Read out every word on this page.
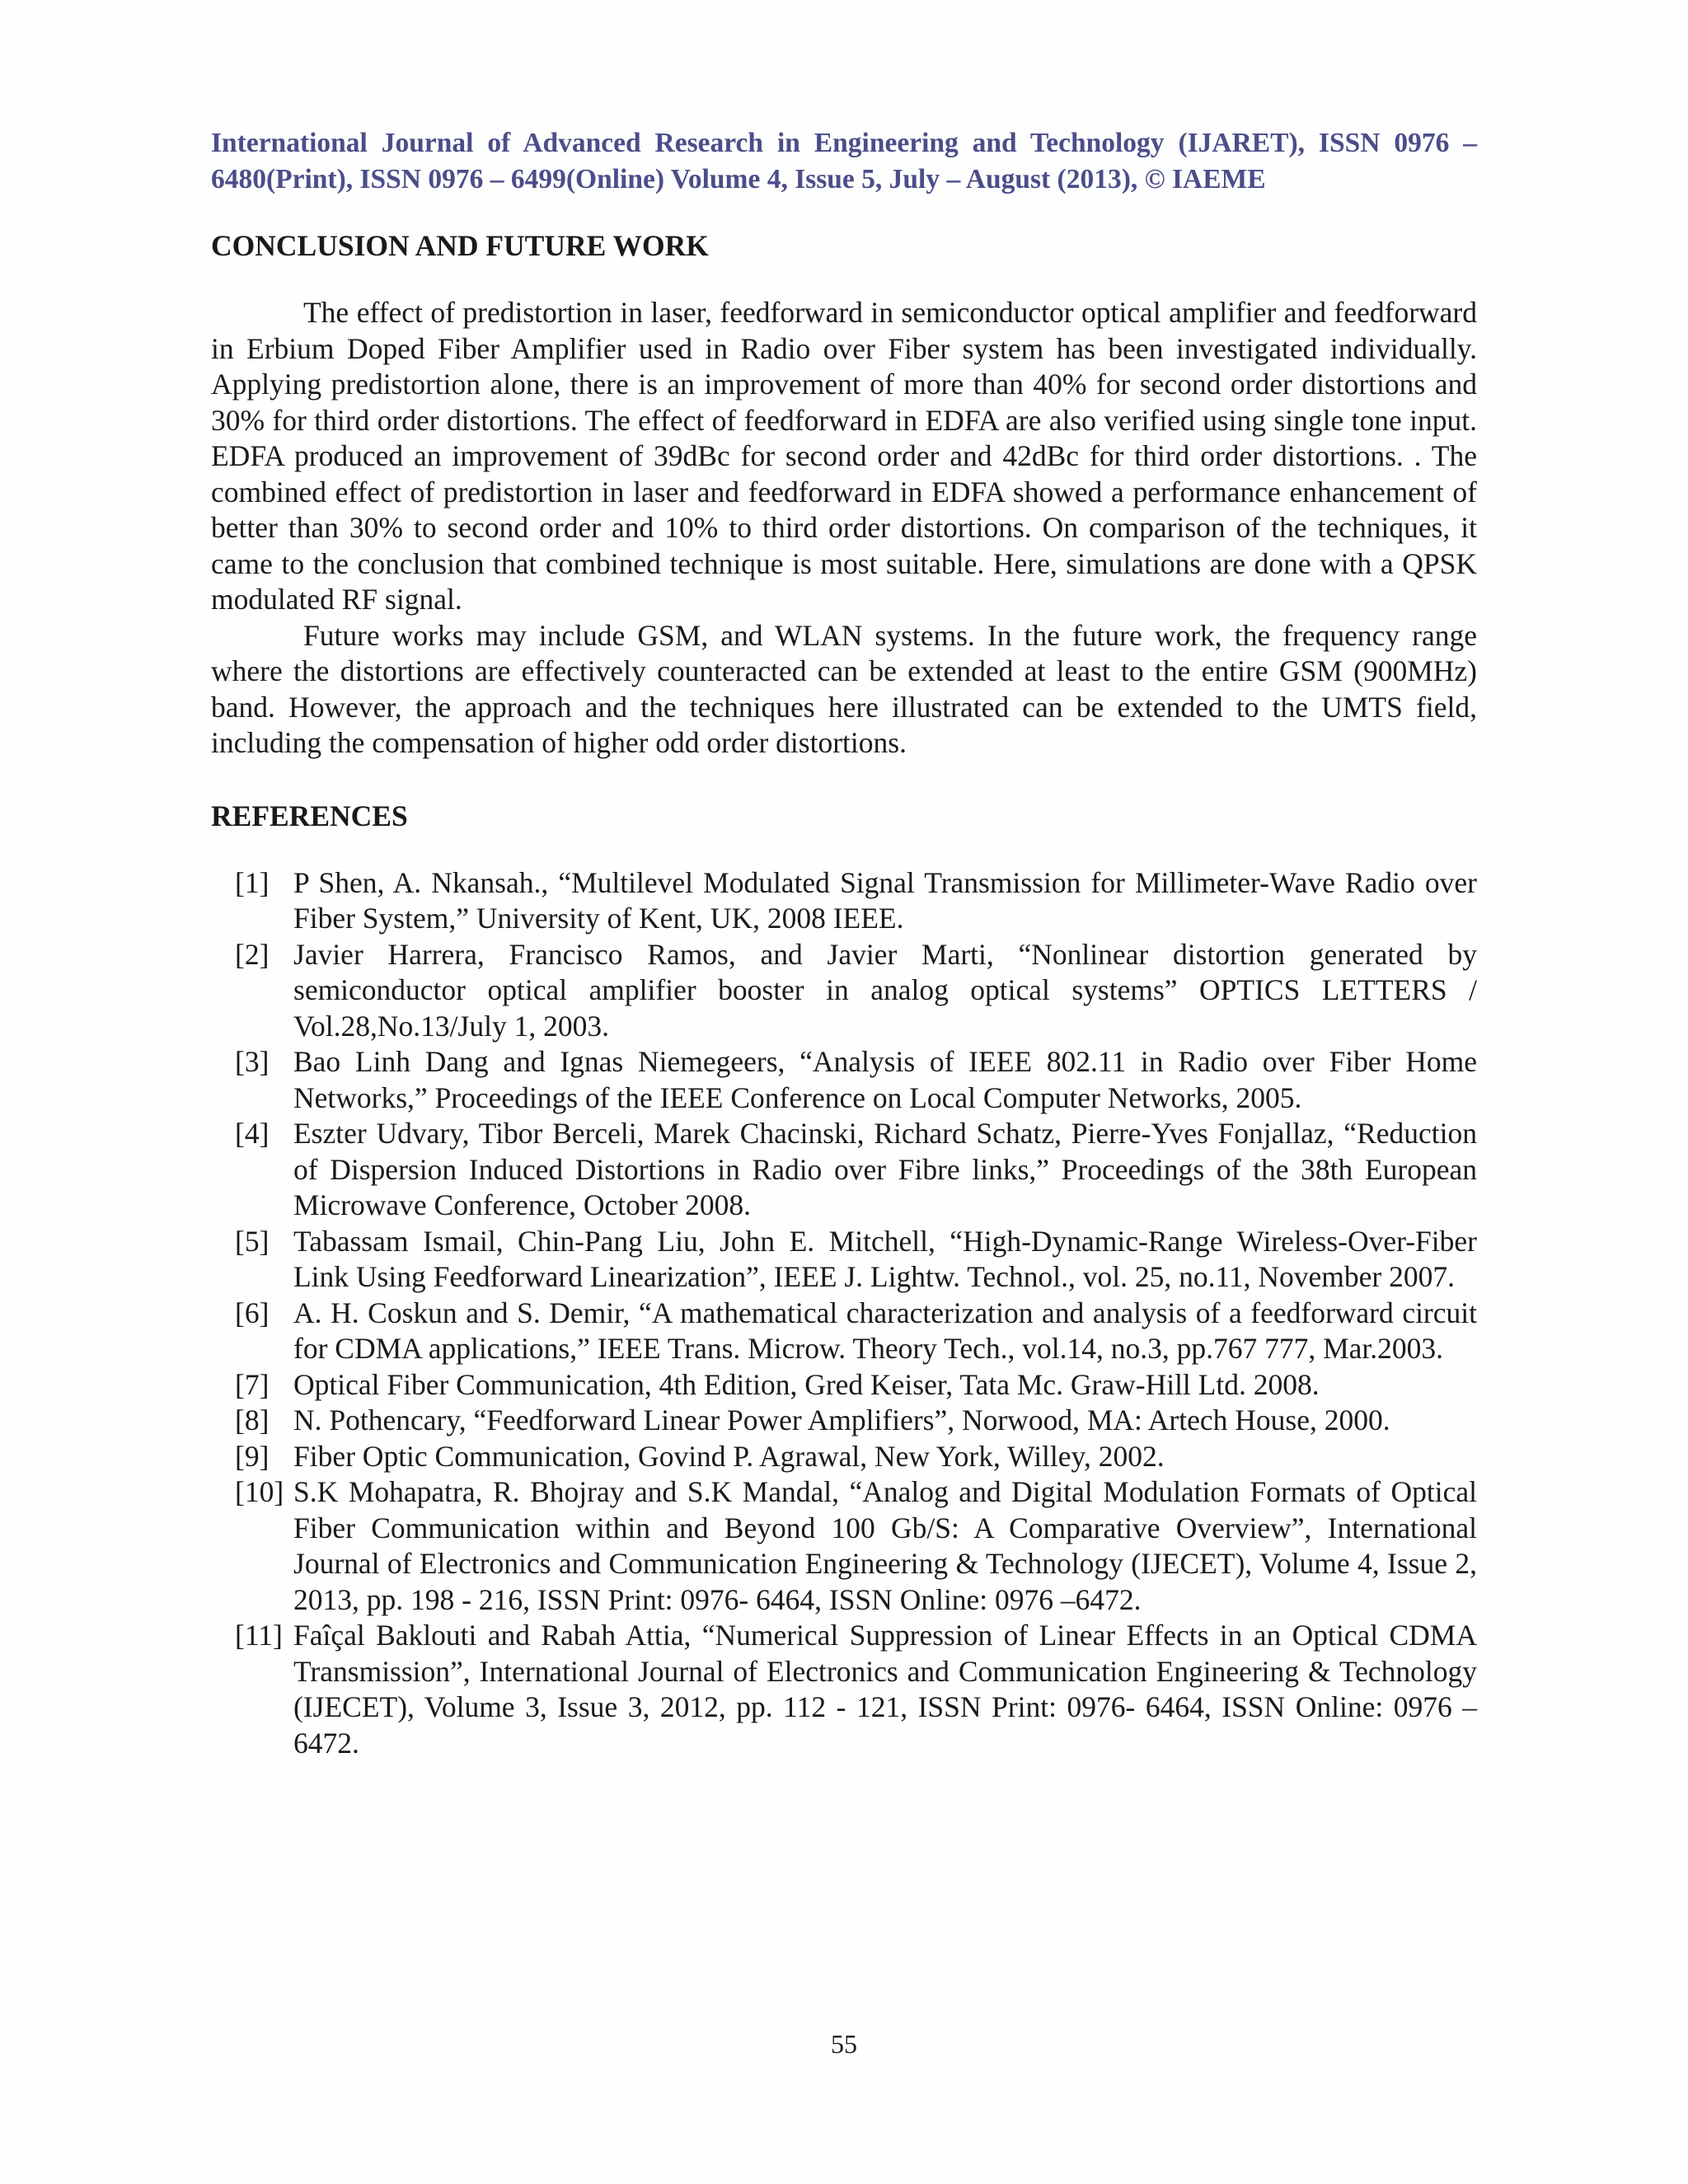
International Journal of Advanced Research in Engineering and Technology (IJARET), ISSN 0976 – 6480(Print), ISSN 0976 – 6499(Online) Volume 4, Issue 5, July – August (2013), © IAEME
CONCLUSION AND FUTURE WORK

The effect of predistortion in laser, feedforward in semiconductor optical amplifier and feedforward in Erbium Doped Fiber Amplifier used in Radio over Fiber system has been investigated individually. Applying predistortion alone, there is an improvement of more than 40% for second order distortions and 30% for third order distortions. The effect of feedforward in EDFA are also verified using single tone input. EDFA produced an improvement of 39dBc for second order and 42dBc for third order distortions. . The combined effect of predistortion in laser and feedforward in EDFA showed a performance enhancement of better than 30% to second order and 10% to third order distortions. On comparison of the techniques, it came to the conclusion that combined technique is most suitable. Here, simulations are done with a QPSK modulated RF signal.

Future works may include GSM, and WLAN systems. In the future work, the frequency range where the distortions are effectively counteracted can be extended at least to the entire GSM (900MHz) band. However, the approach and the techniques here illustrated can be extended to the UMTS field, including the compensation of higher odd order distortions.

REFERENCES
[1] P Shen, A. Nkansah., “Multilevel Modulated Signal Transmission for Millimeter-Wave Radio over Fiber System,” University of Kent, UK, 2008 IEEE.
[2] Javier Harrera, Francisco Ramos, and Javier Marti, “Nonlinear distortion generated by semiconductor optical amplifier booster in analog optical systems” OPTICS LETTERS / Vol.28,No.13/July 1, 2003.
[3] Bao Linh Dang and Ignas Niemegeers, “Analysis of IEEE 802.11 in Radio over Fiber Home Networks,” Proceedings of the IEEE Conference on Local Computer Networks, 2005.
[4] Eszter Udvary, Tibor Berceli, Marek Chacinski, Richard Schatz, Pierre-Yves Fonjallaz, “Reduction of Dispersion Induced Distortions in Radio over Fibre links,” Proceedings of the 38th European Microwave Conference, October 2008.
[5] Tabassam Ismail, Chin-Pang Liu, John E. Mitchell, “High-Dynamic-Range Wireless-Over-Fiber Link Using Feedforward Linearization”, IEEE J. Lightw. Technol., vol. 25, no.11, November 2007.
[6] A. H. Coskun and S. Demir, “A mathematical characterization and analysis of a feedforward circuit for CDMA applications,” IEEE Trans. Microw. Theory Tech., vol.14, no.3, pp.767 777, Mar.2003.
[7] Optical Fiber Communication, 4th Edition, Gred Keiser, Tata Mc. Graw-Hill Ltd. 2008.
[8] N. Pothencary, “Feedforward Linear Power Amplifiers”, Norwood, MA: Artech House, 2000.
[9] Fiber Optic Communication, Govind P. Agrawal, New York, Willey, 2002.
[10] S.K Mohapatra, R. Bhojray and S.K Mandal, “Analog and Digital Modulation Formats of Optical Fiber Communication within and Beyond 100 Gb/S: A Comparative Overview”, International Journal of Electronics and Communication Engineering & Technology (IJECET), Volume 4, Issue 2, 2013, pp. 198 - 216, ISSN Print: 0976- 6464, ISSN Online: 0976 –6472.
[11] Faîçal Baklouti and Rabah Attia, “Numerical Suppression of Linear Effects in an Optical CDMA Transmission”, International Journal of Electronics and Communication Engineering & Technology (IJECET), Volume 3, Issue 3, 2012, pp. 112 - 121, ISSN Print: 0976- 6464, ISSN Online: 0976 –6472.
55
